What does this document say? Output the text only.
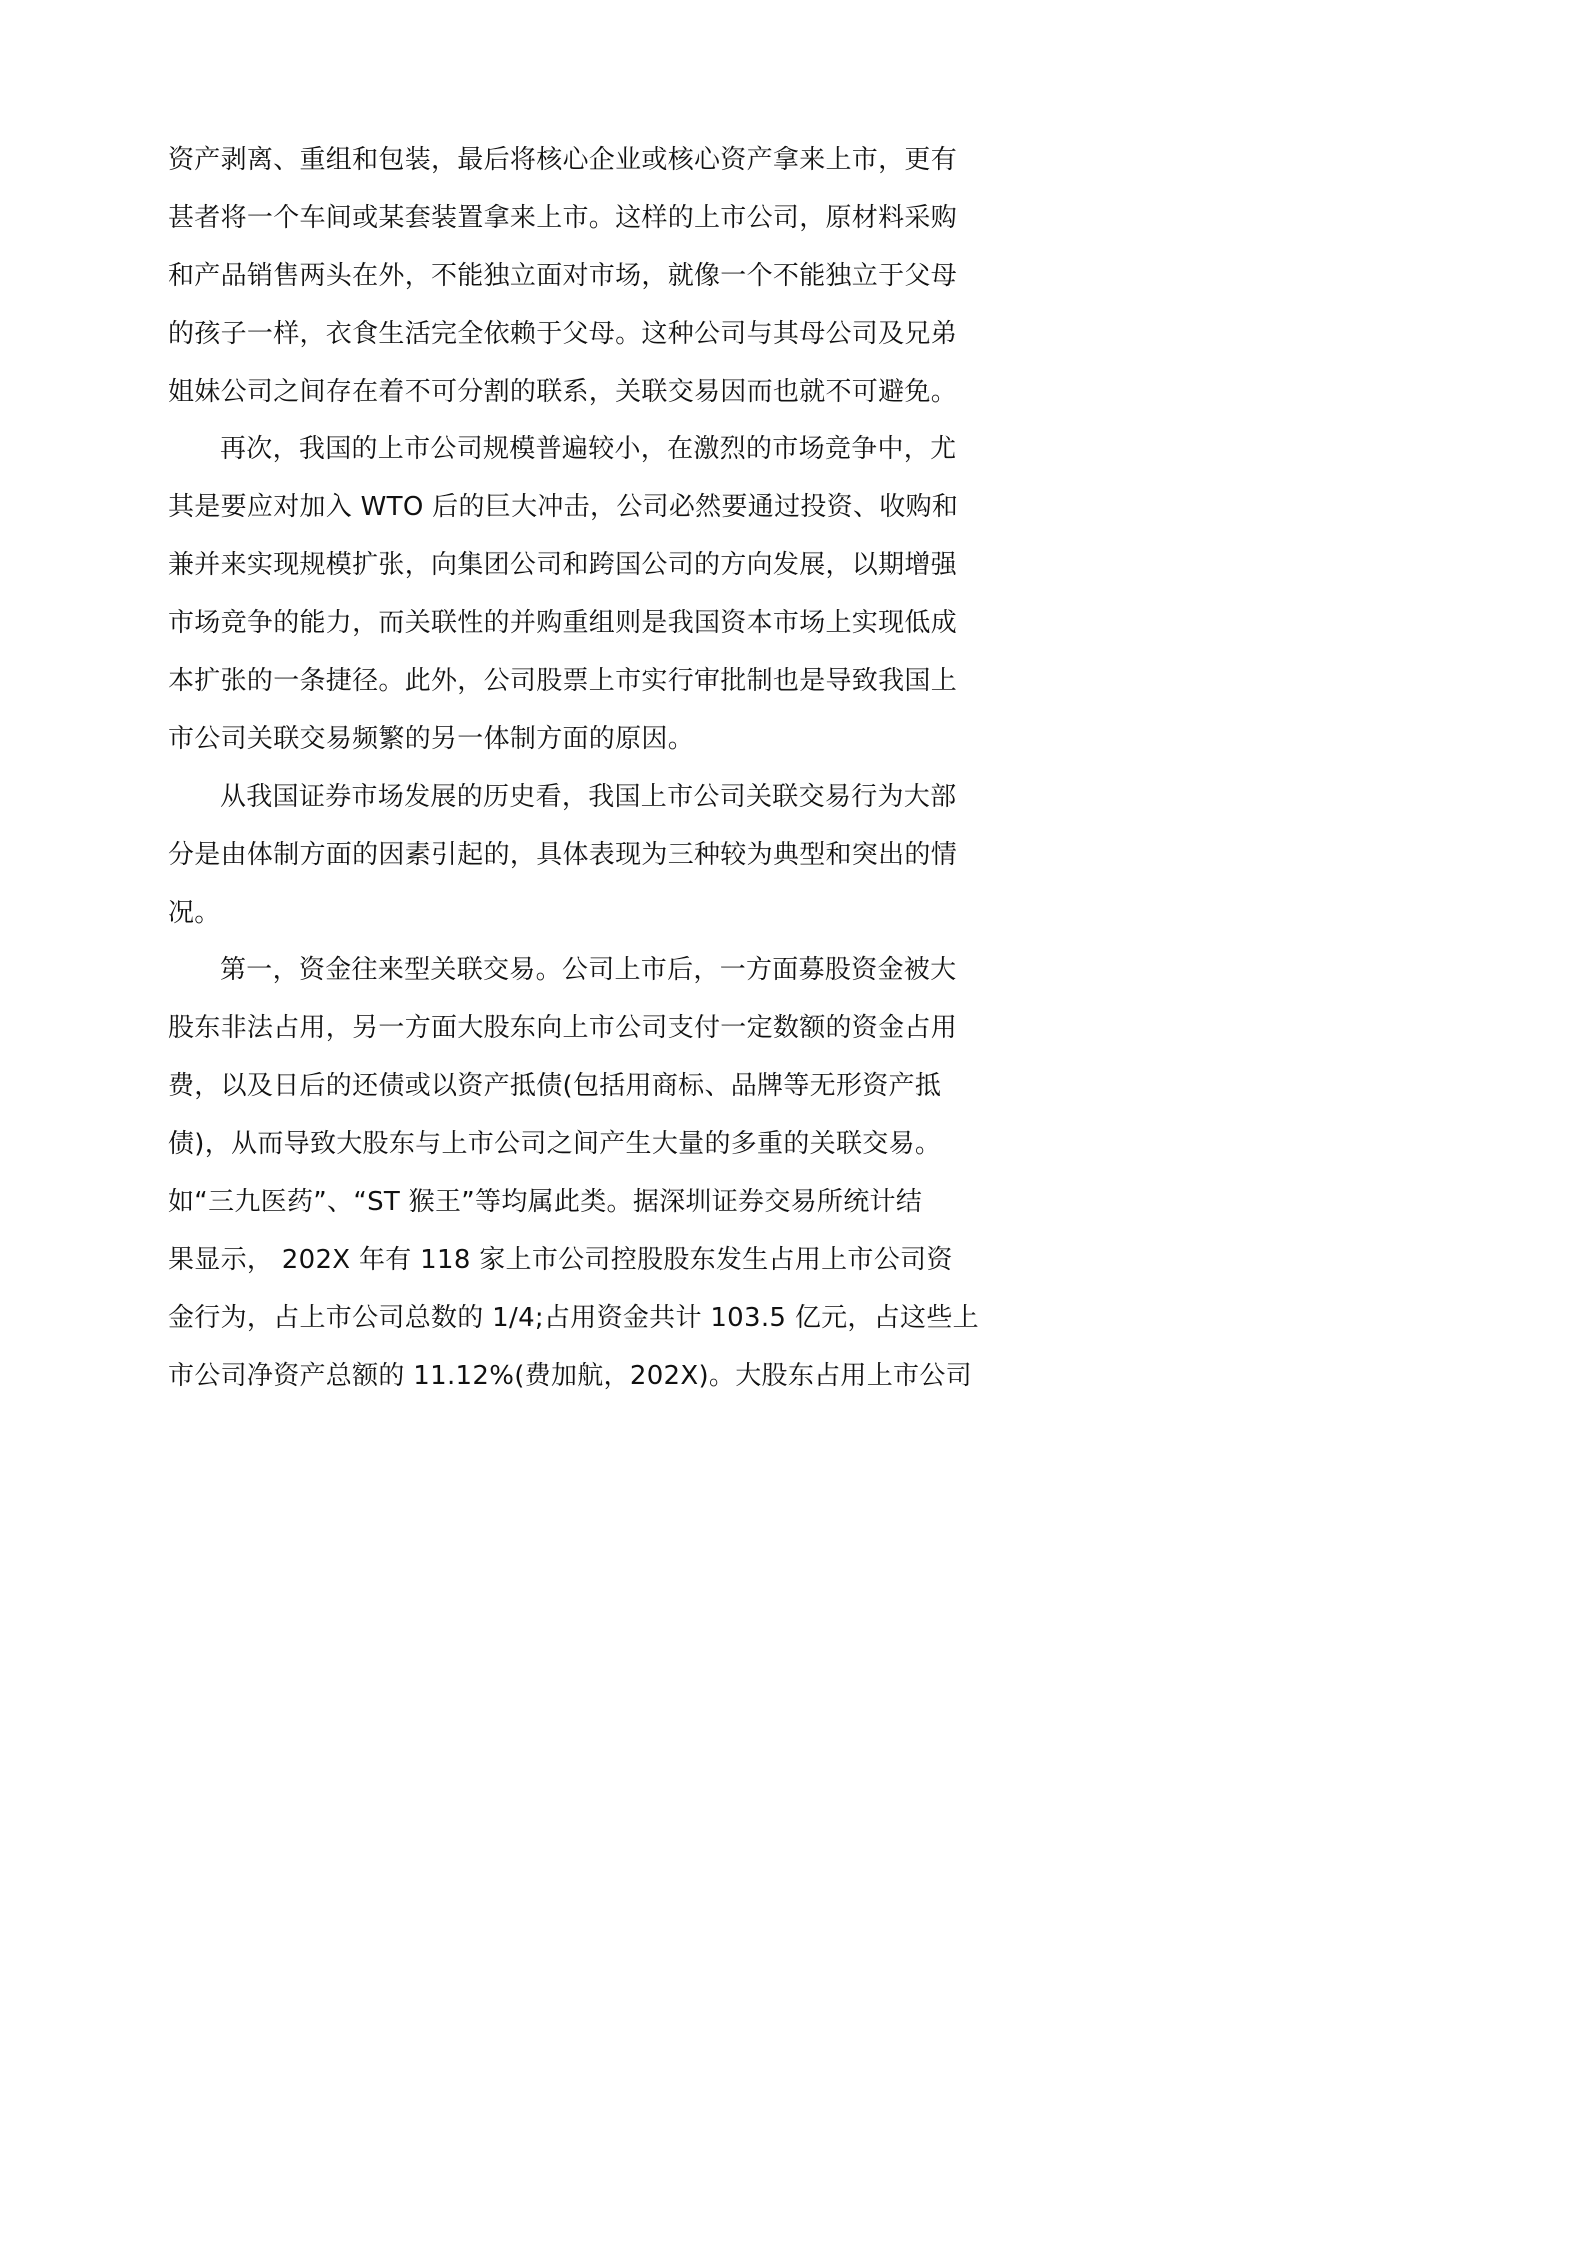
资产剥离、重组和包装，最后将核心企业或核心资产拿来上市，更有
甚者将一个车间或某套装置拿来上市。这样的上市公司，原材料采购
和产品销售两头在外，不能独立面对市场，就像一个不能独立于父母
的孩子一样，衣食生活完全依赖于父母。这种公司与其母公司及兄弟
姐妹公司之间存在着不可分割的联系，关联交易因而也就不可避免。

再次，我国的上市公司规模普遍较小，在激烈的市场竞争中，尤
其是要应对加入 WTO 后的巨大冲击，公司必然要通过投资、收购和
兼并来实现规模扩张，向集团公司和跨国公司的方向发展，以期增强
市场竞争的能力，而关联性的并购重组则是我国资本市场上实现低成
本扩张的一条捷径。此外，公司股票上市实行审批制也是导致我国上
市公司关联交易频繁的另一体制方面的原因。

从我国证券市场发展的历史看，我国上市公司关联交易行为大部
分是由体制方面的因素引起的，具体表现为三种较为典型和突出的情
况。

第一，资金往来型关联交易。公司上市后，一方面募股资金被大
股东非法占用，另一方面大股东向上市公司支付一定数额的资金占用
费，以及日后的还债或以资产抵债(包括用商标、品牌等无形资产抵
债)，从而导致大股东与上市公司之间产生大量的多重的关联交易。
如“三九医药”、“ST 猴王”等均属此类。据深圳证券交易所统计结
果显示， 202X 年有 118 家上市公司控股股东发生占用上市公司资
金行为，占上市公司总数的 1/4;占用资金共计 103.5 亿元，占这些上
市公司净资产总额的 11.12%(费加航，202X)。大股东占用上市公司
